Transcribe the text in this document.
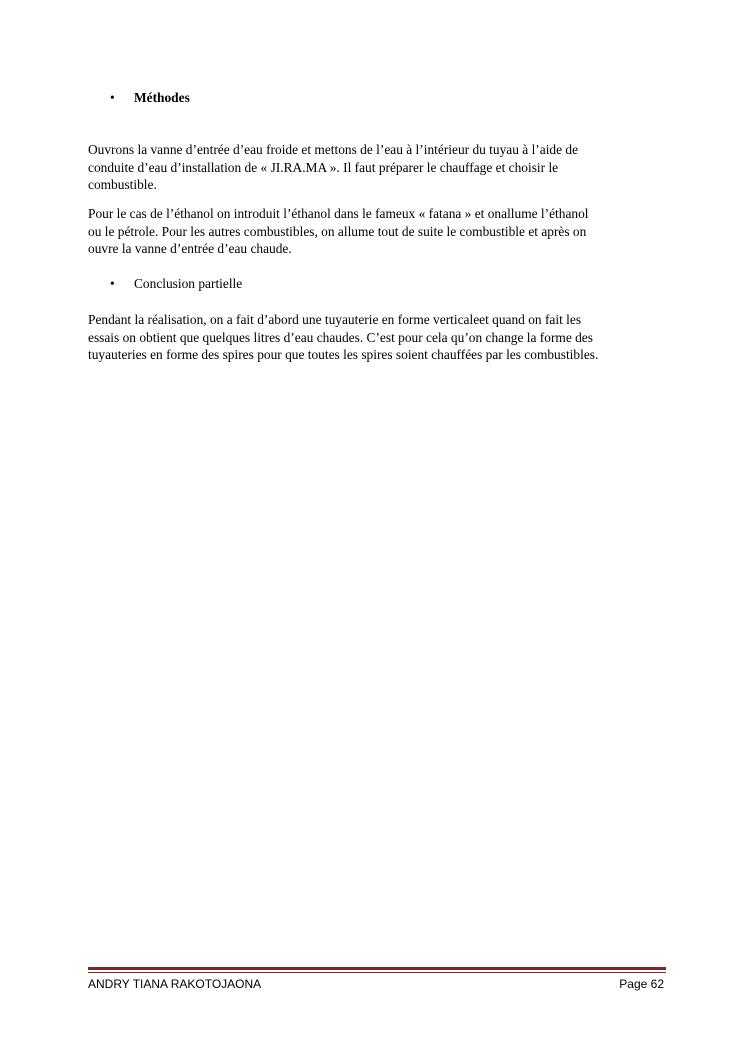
• Méthodes

Ouvrons la vanne d’entrée d’eau froide et mettons de l’eau à l’intérieur du tuyau à l’aide de
conduite d’eau d’installation de « JI.RA.MA ». Il faut préparer le chauffage et choisir le
combustible.

Pour le cas de l’éthanol on introduit l’éthanol dans le fameux « fatana » et onallume l’éthanol
ou le pétrole. Pour les autres combustibles, on allume tout de suite le combustible et après on
ouvre la vanne d’entrée d’eau chaude.

• Conclusion partielle

Pendant la réalisation, on a fait d’abord une tuyauterie en forme verticaleet quand on fait les
essais on obtient que quelques litres d’eau chaudes. C’est pour cela qu’on change la forme des
tuyauteries en forme des spires pour que toutes les spires soient chauffées par les combustibles.

ANDRY TIANA RAKOTOJAONA	Page 62
